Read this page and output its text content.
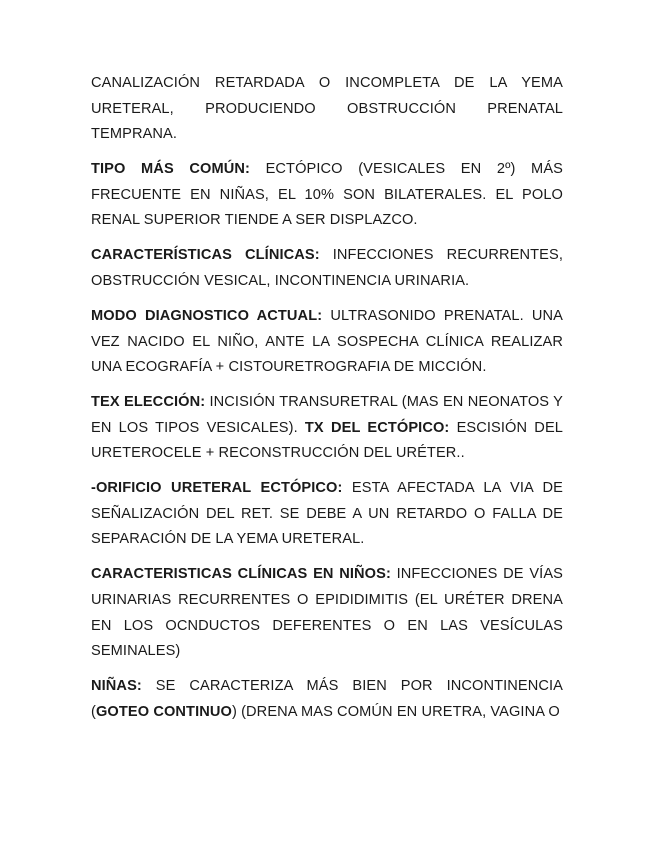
CANALIZACIÓN RETARDADA O INCOMPLETA DE LA YEMA URETERAL, PRODUCIENDO OBSTRUCCIÓN PRENATAL TEMPRANA.

TIPO MÁS COMÚN: ECTÓPICO (VESICALES EN 2º) MÁS FRECUENTE EN NIÑAS, EL 10% SON BILATERALES. EL POLO RENAL SUPERIOR TIENDE A SER DISPLAZCO.

CARACTERÍSTICAS CLÍNICAS: INFECCIONES RECURRENTES, OBSTRUCCIÓN VESICAL, INCONTINENCIA URINARIA.

MODO DIAGNOSTICO ACTUAL: ULTRASONIDO PRENATAL. UNA VEZ NACIDO EL NIÑO, ANTE LA SOSPECHA CLÍNICA REALIZAR UNA ECOGRAFÍA + CISTOURETROGRAFIA DE MICCIÓN.

TEX ELECCIÓN: INCISIÓN TRANSURETRAL (MAS EN NEONATOS Y EN LOS TIPOS VESICALES). TX DEL ECTÓPICO: ESCISIÓN DEL URETEROCELE + RECONSTRUCCIÓN DEL URÉTER..

-ORIFICIO URETERAL ECTÓPICO: ESTA AFECTADA LA VIA DE SEÑALIZACIÓN DEL RET. SE DEBE A UN RETARDO O FALLA DE SEPARACIÓN DE LA YEMA URETERAL.

CARACTERISTICAS CLÍNICAS EN NIÑOS: INFECCIONES DE VÍAS URINARIAS RECURRENTES O EPIDIDIMITIS (EL URÉTER DRENA EN LOS OCNDUCTOS DEFERENTES O EN LAS VESÍCULAS SEMINALES)

NIÑAS: SE CARACTERIZA MÁS BIEN POR INCONTINENCIA (GOTEO CONTINUO) (DRENA MAS COMÚN EN URETRA, VAGINA O
